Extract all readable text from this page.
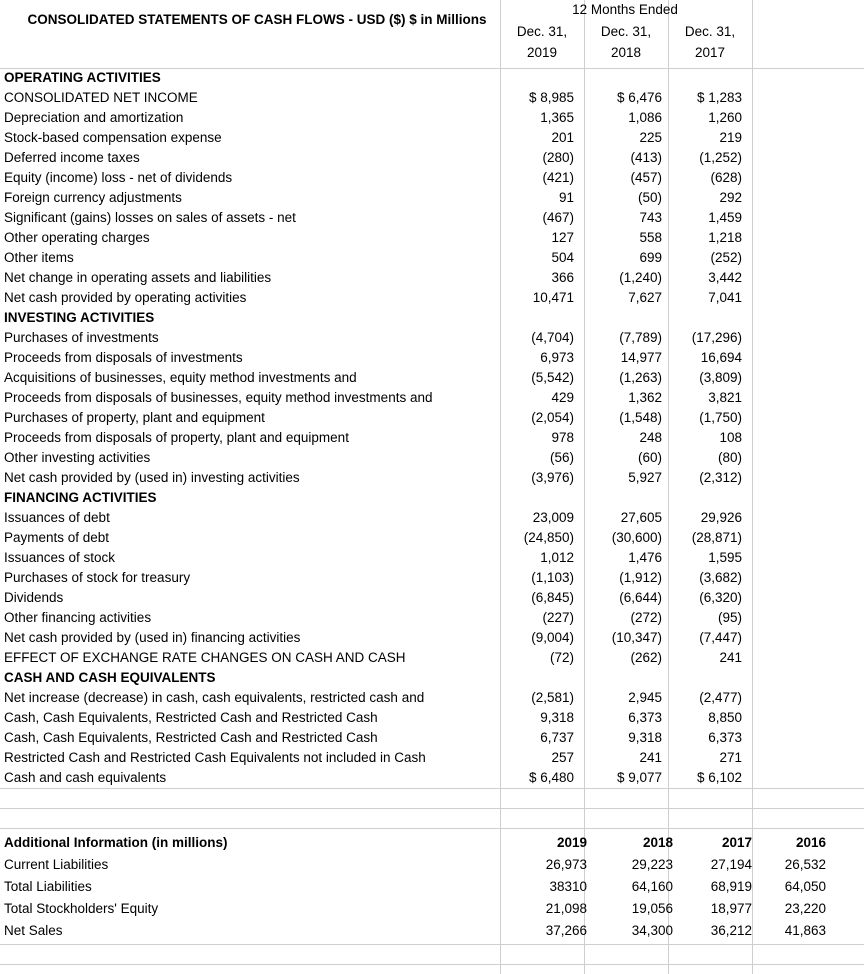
CONSOLIDATED STATEMENTS OF CASH FLOWS - USD ($) $ in Millions
12 Months Ended
Dec. 31, 2019
Dec. 31, 2018
Dec. 31, 2017
OPERATING ACTIVITIES
CONSOLIDATED NET INCOME	$ 8,985	$ 6,476	$ 1,283
Depreciation and amortization	1,365	1,086	1,260
Stock-based compensation expense	201	225	219
Deferred income taxes	(280)	(413)	(1,252)
Equity (income) loss - net of dividends	(421)	(457)	(628)
Foreign currency adjustments	91	(50)	292
Significant (gains) losses on sales of assets - net	(467)	743	1,459
Other operating charges	127	558	1,218
Other items	504	699	(252)
Net change in operating assets and liabilities	366	(1,240)	3,442
Net cash provided by operating activities	10,471	7,627	7,041
INVESTING ACTIVITIES
Purchases of investments	(4,704)	(7,789)	(17,296)
Proceeds from disposals of investments	6,973	14,977	16,694
Acquisitions of businesses, equity method investments and	(5,542)	(1,263)	(3,809)
Proceeds from disposals of businesses, equity method investments and	429	1,362	3,821
Purchases of property, plant and equipment	(2,054)	(1,548)	(1,750)
Proceeds from disposals of property, plant and equipment	978	248	108
Other investing activities	(56)	(60)	(80)
Net cash provided by (used in) investing activities	(3,976)	5,927	(2,312)
FINANCING ACTIVITIES
Issuances of debt	23,009	27,605	29,926
Payments of debt	(24,850)	(30,600)	(28,871)
Issuances of stock	1,012	1,476	1,595
Purchases of stock for treasury	(1,103)	(1,912)	(3,682)
Dividends	(6,845)	(6,644)	(6,320)
Other financing activities	(227)	(272)	(95)
Net cash provided by (used in) financing activities	(9,004)	(10,347)	(7,447)
EFFECT OF EXCHANGE RATE CHANGES ON CASH AND CASH	(72)	(262)	241
CASH AND CASH EQUIVALENTS
Net increase (decrease) in cash, cash equivalents, restricted cash and	(2,581)	2,945	(2,477)
Cash, Cash Equivalents, Restricted Cash and Restricted Cash	9,318	6,373	8,850
Cash, Cash Equivalents, Restricted Cash and Restricted Cash	6,737	9,318	6,373
Restricted Cash and Restricted Cash Equivalents not included in Cash	257	241	271
Cash and cash equivalents	$ 6,480	$ 9,077	$ 6,102
Additional Information (in millions)	2019	2018	2017	2016
Current Liabilities	26,973	29,223	27,194	26,532
Total Liabilities	38310	64,160	68,919	64,050
Total Stockholders' Equity	21,098	19,056	18,977	23,220
Net Sales	37,266	34,300	36,212	41,863
